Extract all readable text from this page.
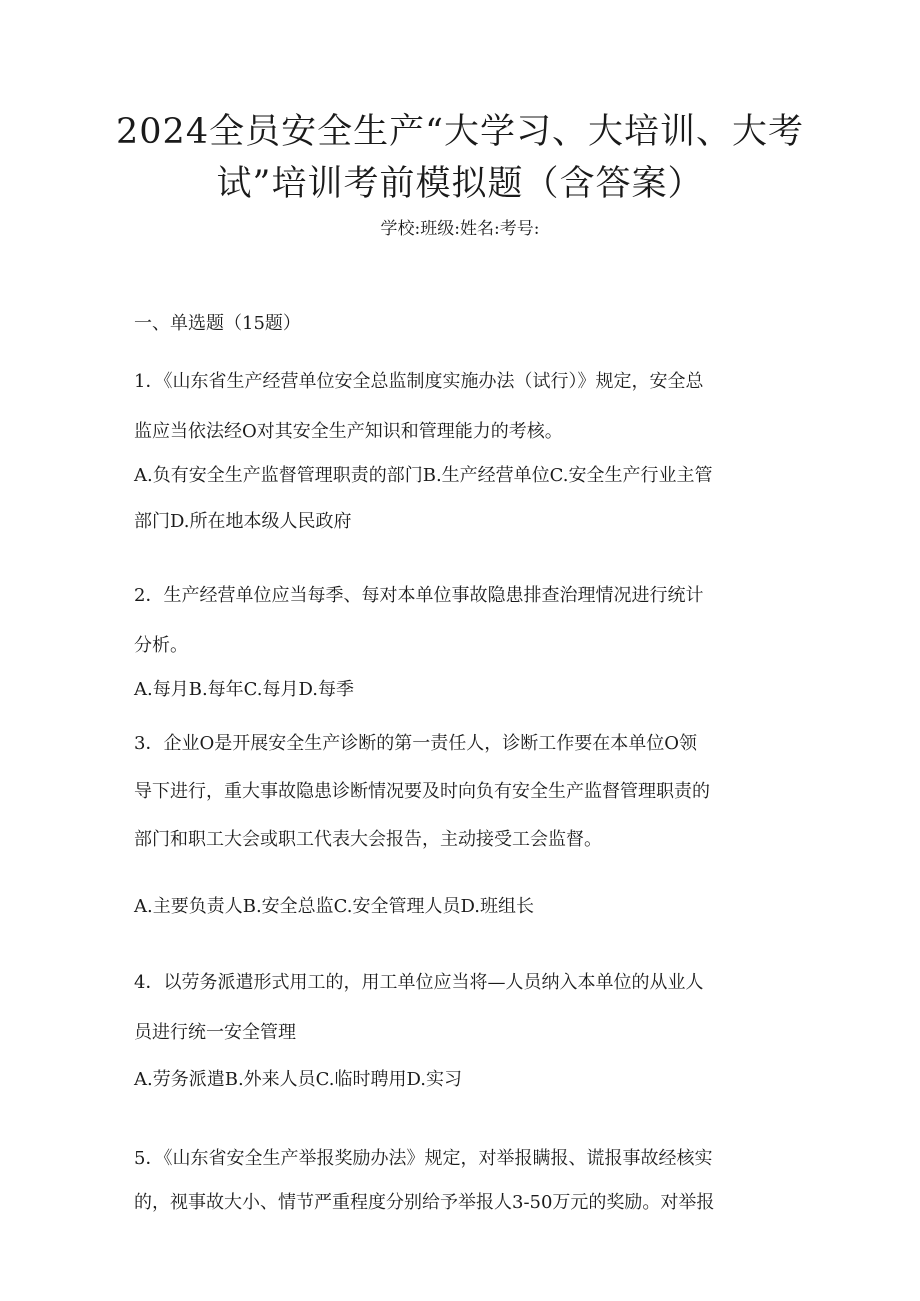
2024全员安全生产“大学习、大培训、大考
试”培训考前模拟题（含答案）
学校:班级:姓名:考号:
一、单选题（15题）

1．《山东省生产经营单位安全总监制度实施办法（试行）》规定，安全总

监应当依法经O对其安全生产知识和管理能力的考核。

A.负有安全生产监督管理职责的部门B.生产经营单位C.安全生产行业主管

部门D.所在地本级人民政府

2．生产经营单位应当每季、每对本单位事故隐患排查治理情况进行统计

分析。

A.每月B.每年C.每月D.每季

3．企业O是开展安全生产诊断的第一责任人，诊断工作要在本单位O领

导下进行，重大事故隐患诊断情况要及时向负有安全生产监督管理职责的

部门和职工大会或职工代表大会报告，主动接受工会监督。

A.主要负责人B.安全总监C.安全管理人员D.班组长

4．以劳务派遣形式用工的，用工单位应当将—人员纳入本单位的从业人

员进行统一安全管理

A.劳务派遣B.外来人员C.临时聘用D.实习

5．《山东省安全生产举报奖励办法》规定，对举报瞒报、谎报事故经核实

的，视事故大小、情节严重程度分别给予举报人3-50万元的奖励。对举报
